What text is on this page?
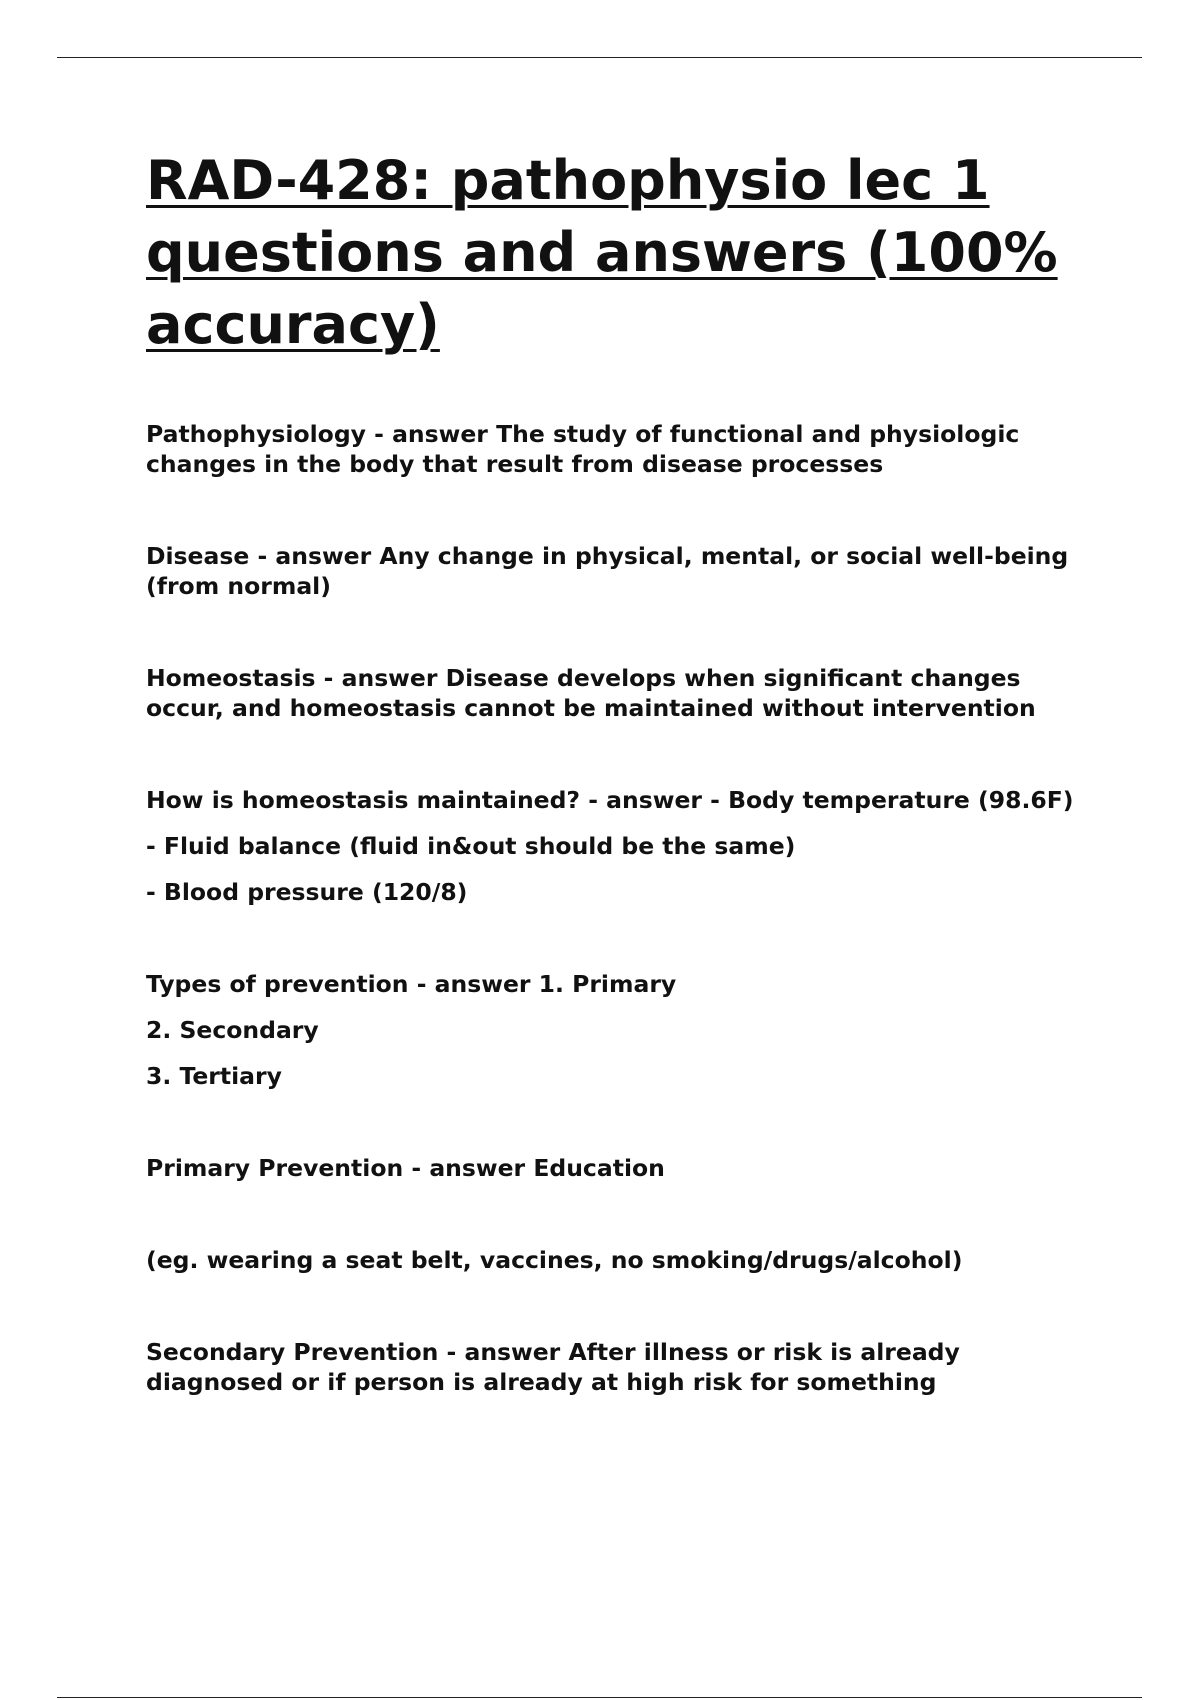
RAD-428: pathophysio lec 1 questions and answers (100% accuracy)

Pathophysiology - answer The study of functional and physiologic changes in the body that result from disease processes

Disease - answer Any change in physical, mental, or social well-being (from normal)

Homeostasis - answer Disease develops when significant changes occur, and homeostasis cannot be maintained without intervention

How is homeostasis maintained? - answer - Body temperature (98.6F)

- Fluid balance (fluid in&out should be the same)

- Blood pressure (120/8)

Types of prevention - answer 1. Primary

2. Secondary

3. Tertiary

Primary Prevention - answer Education

(eg. wearing a seat belt, vaccines, no smoking/drugs/alcohol)

Secondary Prevention - answer After illness or risk is already diagnosed or if person is already at high risk for something
